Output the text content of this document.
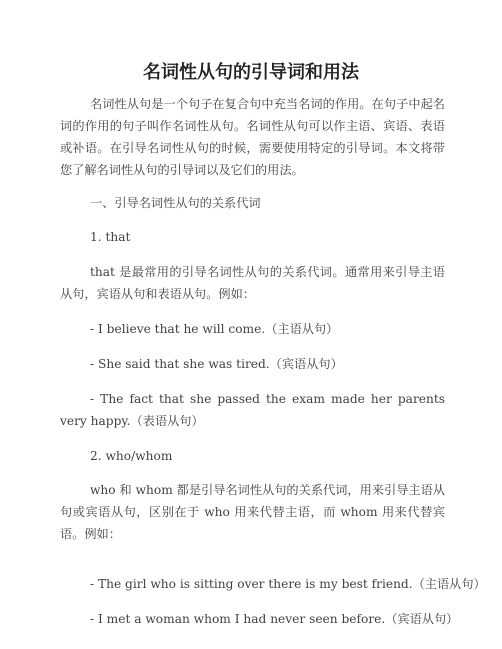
名词性从句的引导词和用法

名词性从句是一个句子在复合句中充当名词的作用。在句子中起名词的作用的句子叫作名词性从句。名词性从句可以作主语、宾语、表语或补语。在引导名词性从句的时候，需要使用特定的引导词。本文将带您了解名词性从句的引导词以及它们的用法。

一、引导名词性从句的关系代词

1. that

that 是最常用的引导名词性从句的关系代词。通常用来引导主语从句，宾语从句和表语从句。例如：

- I believe that he will come.（主语从句）

- She said that she was tired.（宾语从句）

- The fact that she passed the exam made her parents very happy.（表语从句）

2. who/whom

who 和 whom 都是引导名词性从句的关系代词，用来引导主语从句或宾语从句，区别在于 who 用来代替主语，而 whom 用来代替宾语。例如：

- The girl who is sitting over there is my best friend.（主语从句）

- I met a woman whom I had never seen before.（宾语从句）
